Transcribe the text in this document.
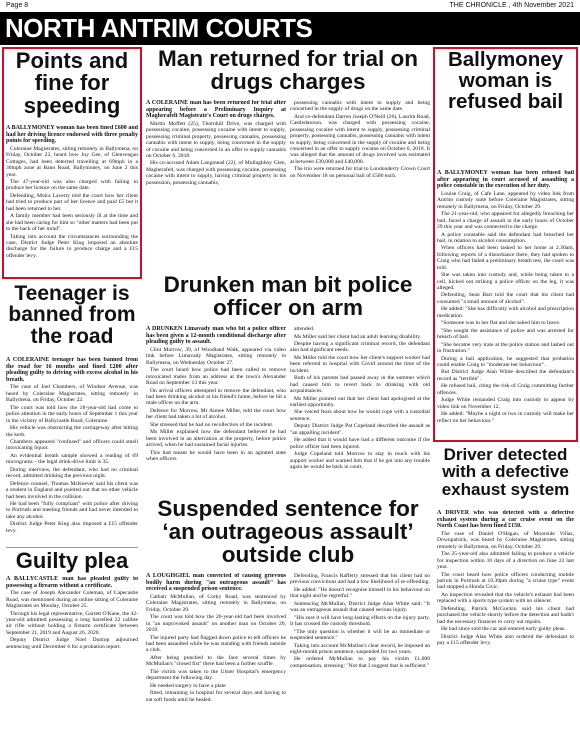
Page 8	THE CHRONICLE , 4th November 2021
NORTH ANTRIM COURTS
Points and fine for speeding

A BALLYMONEY woman has been fined £600 and had her driving licence endorsed with three penalty points for speeding.

Coleraine Magistrates, sitting remotely in Ballymena, on Friday, October 22, heard how Joy Gee, of Glenvesgan Cottages, had been detected travelling at 69mph in a 30mph zone at Bann Road, Ballymoney, on June 2 this year.

The 47-year-old was also charged with failing to produce her licence on the same date.

Defending, Moira Laverty told the court how her client had tried to produce part of her licence and paid £5 but it had been returned to her.

A family member had been seriously ill at the time and she had been caring for him so "other matters had been put to the back of her mind".

Taking into account the circumstances surrounding the case, District Judge Peter King imposed an absolute discharge for the failure to produce charge and a £15 offender levy.

Teenager is banned from the road

A COLERAINE teenager has been banned from the road for 16 months and fined £200 after pleading guilty to driving with excess alcohol in his breath.

The case of Joel Chambers, of Windsor Avenue, was heard by Coleraine Magistrates, sitting remotely in Ballymena, on Friday, October 22.

The court was told how the 18-year-old had come to police attention in the early hours of September 1 this year in the vicinity of Ballycastle Road, Coleraine.

His vehicle was obstructing the carriageway after hitting the kerb.

Chambers appeared "confused" and officers could smell intoxicating liquor.

An evidential breath sample showed a reading of 69 micrograms – the legal drink-drive limit is 35.

During interview, the defendant, who had no criminal record, admitted drinking the previous night.

Defence counsel, Thomas McKeever said his client was a student in England and pointed out that no other vehicle had been involved in the collision.

He had been "fully compliant" with police after driving to Portrush and meeting friends and had never intended to take any alcohol.

District Judge Peter King also imposed a £15 offender levy.

Guilty plea

A BALLYCASTLE man has pleaded guilty to possessing a firearm without a certificate.

The case of Joseph Alexander Coleman, of Capecastle Road, was mentioned during an online sitting of Coleraine Magistrates on Monday, October 25.

Through his legal representative, Garrett O'Kane, the 42-year-old admitted possessing a long barrelled 22 calibre air rifle without holding a firearm certificate between September 21, 2019 and August 26, 2020.

Deputy District Judge Noel Dunlop adjourned sentencing until December 6 for a probation report.

Man returned for trial on drugs charges

A COLERAINE man has been returned for trial after appearing before a Preliminary Inquiry at Magherafelt Magistrate's Court on drugs charges.

Martin Moffett (25), Thornhill Drive, was charged with possessing cocaine, possessing cocaine with intent to supply, possessing criminal property, possessing cannabis, possessing cannabis with intent to supply, being concerned in the supply of cocaine and being concerned in an offer to supply cannabis on October 6, 2018.

His co-accused Adam Langmead (22), of Mullaghboy Glen, Magherafelt, was charged with possessing cocaine, possessing cocaine with intent to supply, having criminal property in his possession, possessing cannabis,

possessing cannabis with intent to supply and being concerned in the supply of drugs on the same date.

And co-defendant Darren Joseph O'Neill (26), Laurim Road, Castledawson, was charged with possessing cocaine, possessing cocaine with intent to supply, possessing criminal property, possessing cannabis, possessing cannabis with intent to supply, being concerned in the supply of cocaine and being concerned in an offer to supply cocaine on October 6, 2018. It was alleged that the amount of drugs involved was estimated at between £30,000 and £40,000.

The trio were returned for trial to Londonderry Crown Court on November 18 on personal bail of £500 each.

Drunken man bit police officer on arm

A DRUNKEN Limavady man who bit a police officer has been given a 12-month conditional discharge after pleading guilty to assault.

Clint Morrow, 39, of Woodland Walk, appeared via video link before Limavady Magistrates, sitting remotely in Ballymena, on Wednesday October 27.

The court heard how police had been called to remove intoxicated males from an address at the town's Alexander Road on September 13 this year.

On arrival officers attempted to remove the defendant, who had been drinking alcohol at his friend's home, before he bit a male officer on the arm.

Defence for Morrow, Mr Aimee Miller, told the court how her client had taken a lot of alcohol.

She stressed that he had no recollection of the incident.

Ms Miller explained how the defendant believed he had been involved in an altercation at the property, before police arrived, when he had sustained facial injuries.

This had meant he would have been in an agitated state when officers

attended.

Ms Miller said her client had an adult learning disability.

Despite having a significant criminal record, the defendant also had significant needs.

Ms Miller told the court how her client's support worker had been referred to hospital with Covid around the time of the incident.

Both of his parents had passed away in the summer which had caused him to revert back to drinking with old acquaintances.

Ms Miller pointed out that her client had apologised at the earliest opportunity.

She voiced fears about how he would cope with a custodial sentence.

Deputy District Judge Pat Copeland described the assault as "an appalling incident".

He added that it would have had a different outcome if the police officer had been injured.

Judge Copeland told Morrow to stay in touch with his support worker and warned him that if he got into any trouble again he would be back in court.

Suspended sentence for ‘an outrageous assault’ outside club

A LOUGHGIEL man convicted of causing grievous bodily harm during "an outrageous assault" has received a suspended prison sentence.

Cathair McMullan, of Corky Road, was sentenced by Coleraine Magistrates, sitting remotely in Ballymena, on Friday, October 29.

The court was told how the 26-year-old had been involved in "an unprovoked assault" on another man on October 20, 2019.

The injured party had flagged down police to tell officers he had been assaulted while he was standing with friends outside a club.

After being punched to the face several times by McMullan's "closed fist" there had been a further scuffle.

The victim was taken to the Ulster Hospital's emergency department the following day.

He needed surgery to have a plate

fitted, remaining in hospital for several days and having to eat soft foods until he healed.

Defending, Francis Rafferty stressed that his client had no previous convictions and had a low likelihood of re-offending.

He added: "He doesn't recognise himself in his behaviour on that night and he regretful."

Sentencing McMullan, District Judge Alan White said: "It was an outrageous assault that caused serious injury.

"His sure it will have long-lasting effects on the injury party. It has crossed the custody threshold.

"The only question is whether it will be an immediate or suspended sentence."

Taking into account McMullan's clear record, he imposed an eight-month prison sentence, suspended for two years.

He ordered McMullan to pay his victim £1,000 compensation, stressing: "Not that I suggest that is sufficient."

Ballymoney woman is refused bail

A BALLYMONEY woman has been refused bail after appearing in court accused of assaulting a police constable in the execution of her duty.

Louise Craig, of Cafe Lane, appeared by video link from Antrim custody suite before Coleraine Magistrates, sitting remotely in Ballymena, on Friday, October 29.

The 21-year-old, who appeared for allegedly breaching her bail, faced a charge of assault in the early hours of October 29 this year and was connected to the charge.

A police constable said the defendant had breached her bail, in relation to alcohol consumption.

When officers had been tasked to her home at 2.30am, following reports of a disturbance there, they had spoken to Craig who had failed a preliminary breath test, the court was told.

She was taken into custody and, while being taken to a cell, kicked out striking a police officer on the leg, it was alleged.

Defending, Sean Barr told the court that his client had consumed "a small amount of alcohol".

He added: "She has difficulty with alcohol and prescription medication.

"Someone was in her flat and she asked him to leave.

"She sought the assistance of police and was arrested for breach of bail.

"She became very irate at the police station and lashed out in frustration."

During a bail application, he suggested that probation could enable Craig to "moderate her behaviour".

But District Judge Alan White described the defendant's record as "terrible".

He refused bail, citing the risk of Craig committing further offences.

Judge White remanded Craig into custody to appear by video link on November 12.

He added: "Maybe a night or two in custody will make her reflect on her behaviour."

Driver detected with a defective exhaust system

A DRIVER who was detected with a defective exhaust system during a car cruise event on the North Coast has been fined £150.

The case of Daniel O'Hagan, of Moorside Villas, Downpatrick, was heard by Coleraine Magistrates, sitting remotely in Ballymena, on Friday, October 29.

The 25-year-old also admitted failing to produce a vehicle for inspection within 10 days of a direction on June 22 last year.

The court heard how police officers conducting mobile patrols in Portrush at 10.30pm during "a cruise type" event had stopped a Honda Civic.

An inspection revealed that the vehicle's exhaust had been replaced with a sports type system with no silencer.

Defending, Patrick McGuckin said his client had purchased the vehicle shortly before the detection and hadn't had the necessary finances to carry out repairs.

He had since sold the car and entered early guilty pleas.

District Judge Alan White also ordered the defendant to pay a £15 offender levy.
